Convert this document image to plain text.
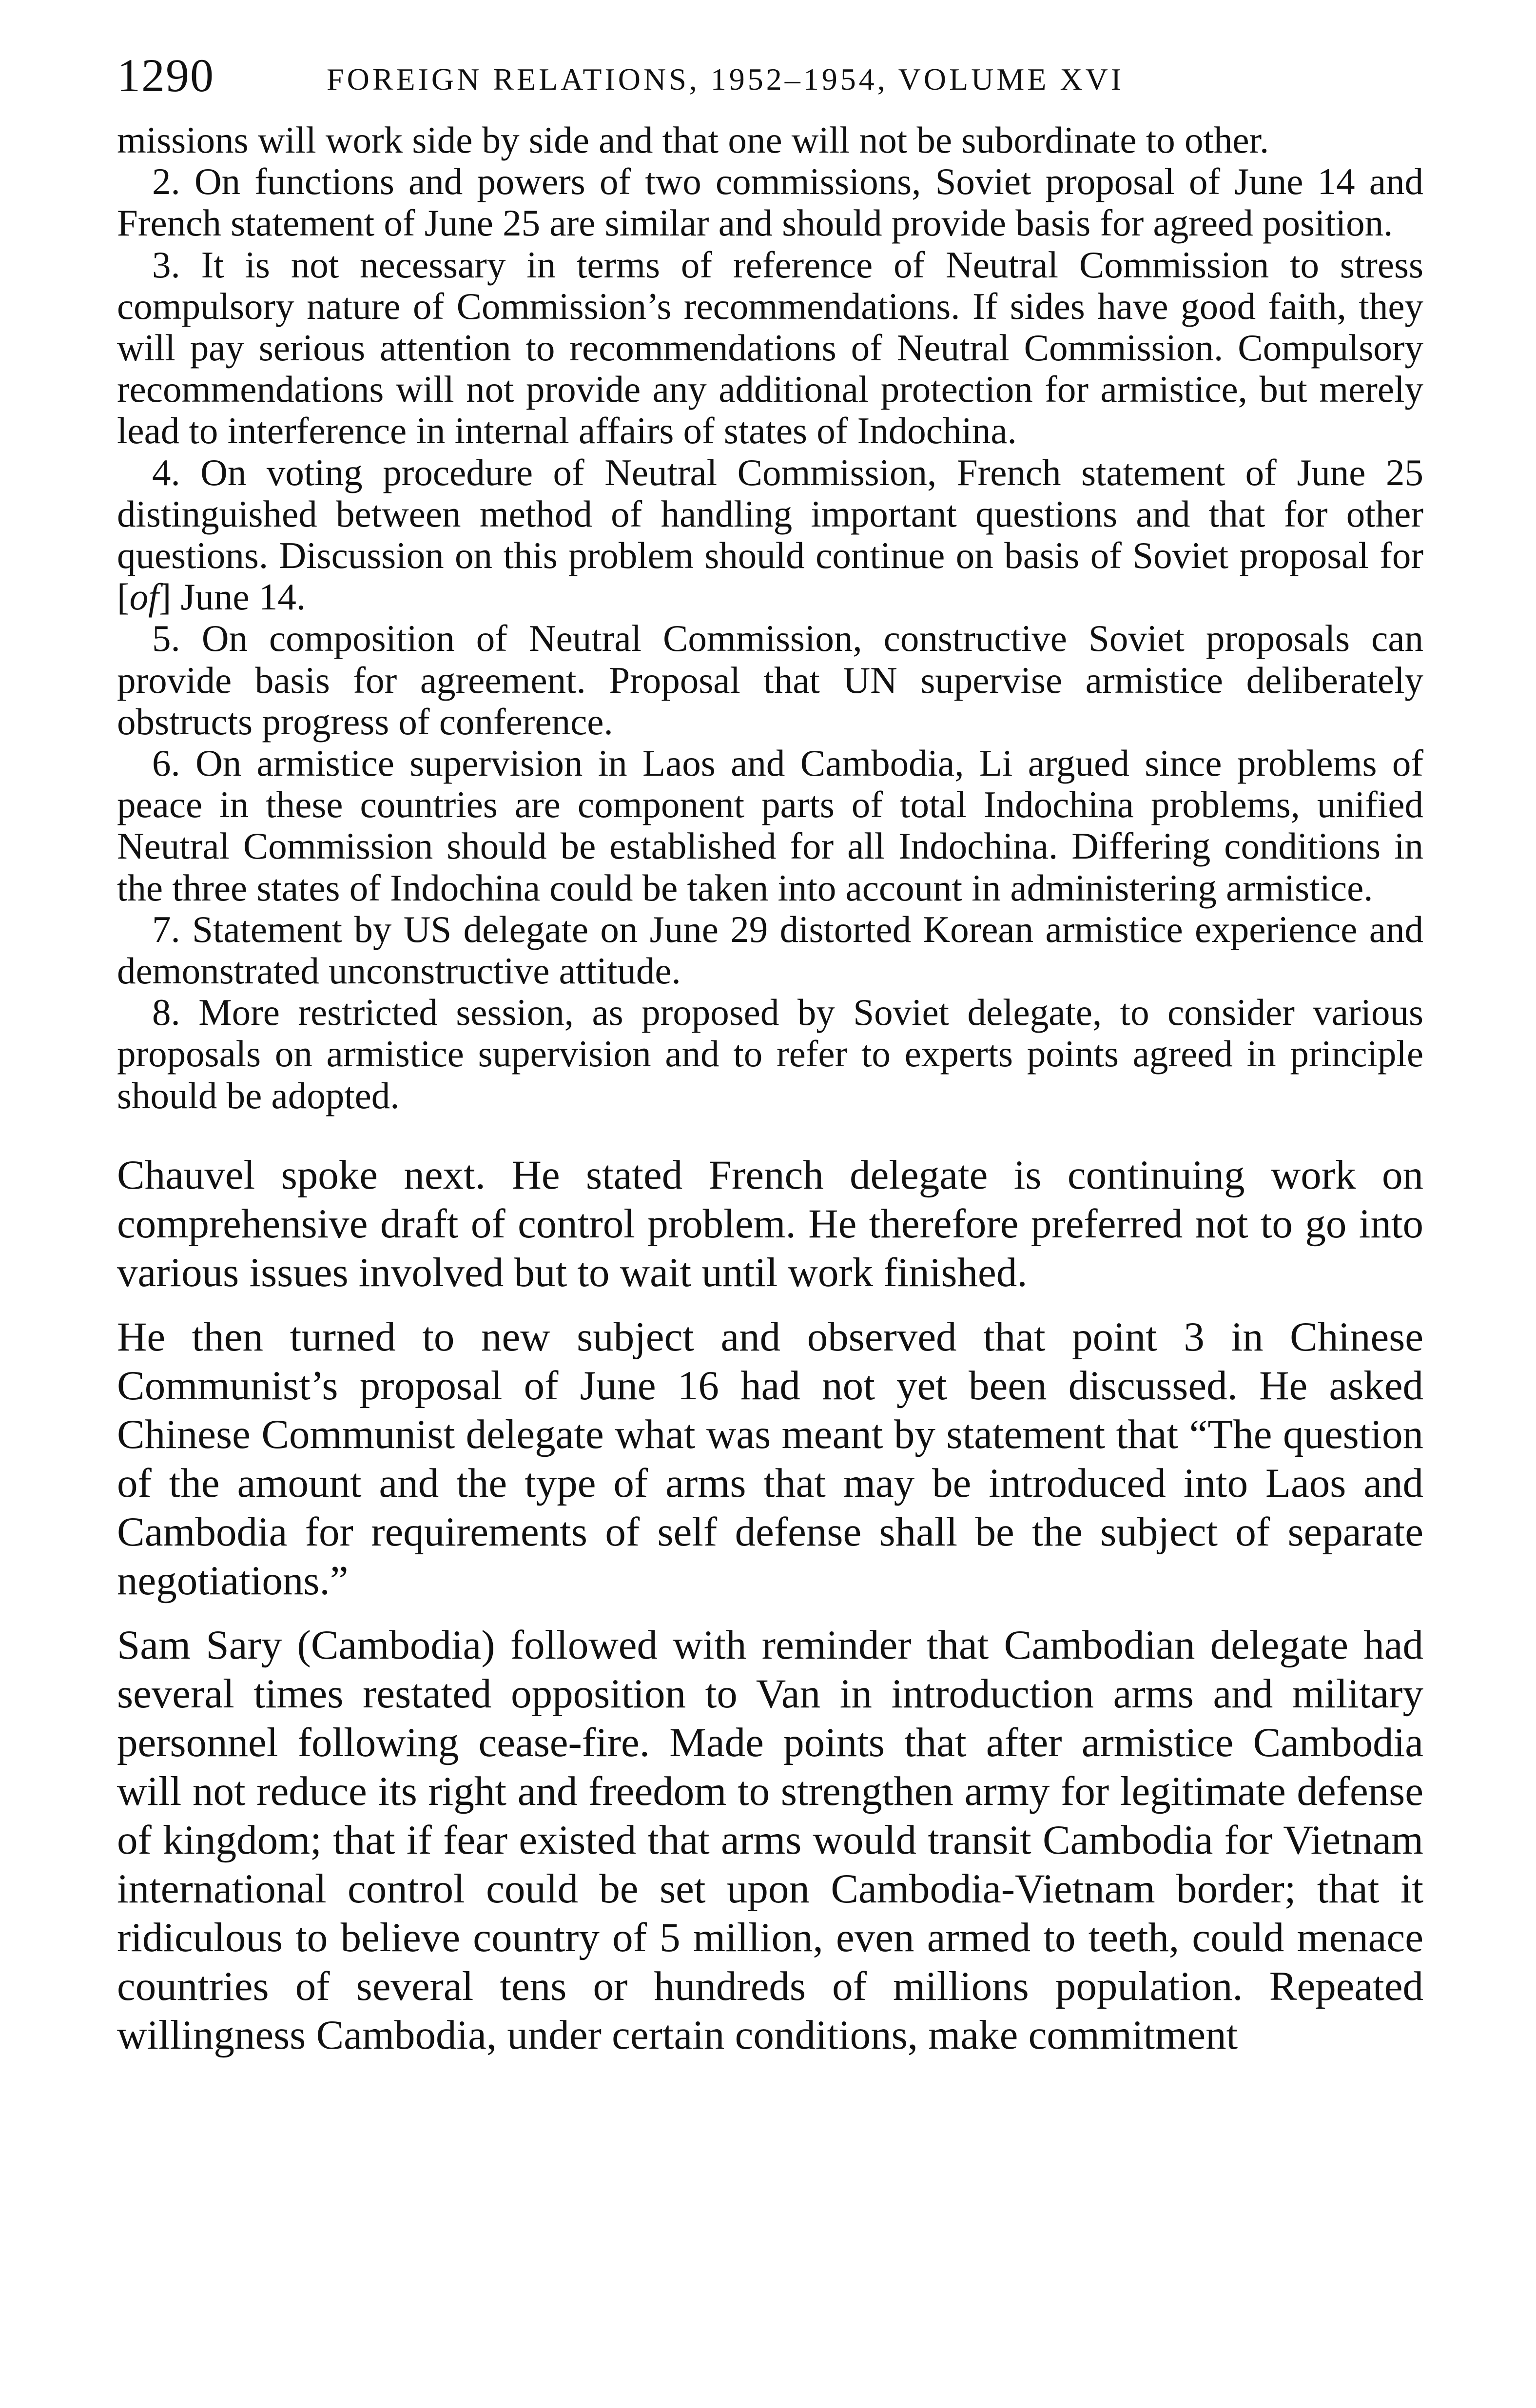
1290	FOREIGN RELATIONS, 1952–1954, VOLUME XVI

missions will work side by side and that one will not be subordinate to other.

2. On functions and powers of two commissions, Soviet proposal of June 14 and French statement of June 25 are similar and should provide basis for agreed position.

3. It is not necessary in terms of reference of Neutral Commission to stress compulsory nature of Commission’s recommendations. If sides have good faith, they will pay serious attention to recommendations of Neutral Commission. Compulsory recommendations will not provide any additional protection for armistice, but merely lead to interference in internal affairs of states of Indochina.

4. On voting procedure of Neutral Commission, French statement of June 25 distinguished between method of handling important questions and that for other questions. Discussion on this problem should continue on basis of Soviet proposal for [of] June 14.

5. On composition of Neutral Commission, constructive Soviet proposals can provide basis for agreement. Proposal that UN supervise armistice deliberately obstructs progress of conference.

6. On armistice supervision in Laos and Cambodia, Li argued since problems of peace in these countries are component parts of total Indochina problems, unified Neutral Commission should be established for all Indochina. Differing conditions in the three states of Indochina could be taken into account in administering armistice.

7. Statement by US delegate on June 29 distorted Korean armistice experience and demonstrated unconstructive attitude.

8. More restricted session, as proposed by Soviet delegate, to consider various proposals on armistice supervision and to refer to experts points agreed in principle should be adopted.

Chauvel spoke next. He stated French delegate is continuing work on comprehensive draft of control problem. He therefore preferred not to go into various issues involved but to wait until work finished.

He then turned to new subject and observed that point 3 in Chinese Communist’s proposal of June 16 had not yet been discussed. He asked Chinese Communist delegate what was meant by statement that “The question of the amount and the type of arms that may be introduced into Laos and Cambodia for requirements of self defense shall be the subject of separate negotiations.”

Sam Sary (Cambodia) followed with reminder that Cambodian delegate had several times restated opposition to Van in introduction arms and military personnel following cease-fire. Made points that after armistice Cambodia will not reduce its right and freedom to strengthen army for legitimate defense of kingdom; that if fear existed that arms would transit Cambodia for Vietnam international control could be set upon Cambodia-Vietnam border; that it ridiculous to believe country of 5 million, even armed to teeth, could menace countries of several tens or hundreds of millions population. Repeated willingness Cambodia, under certain conditions, make commitment
